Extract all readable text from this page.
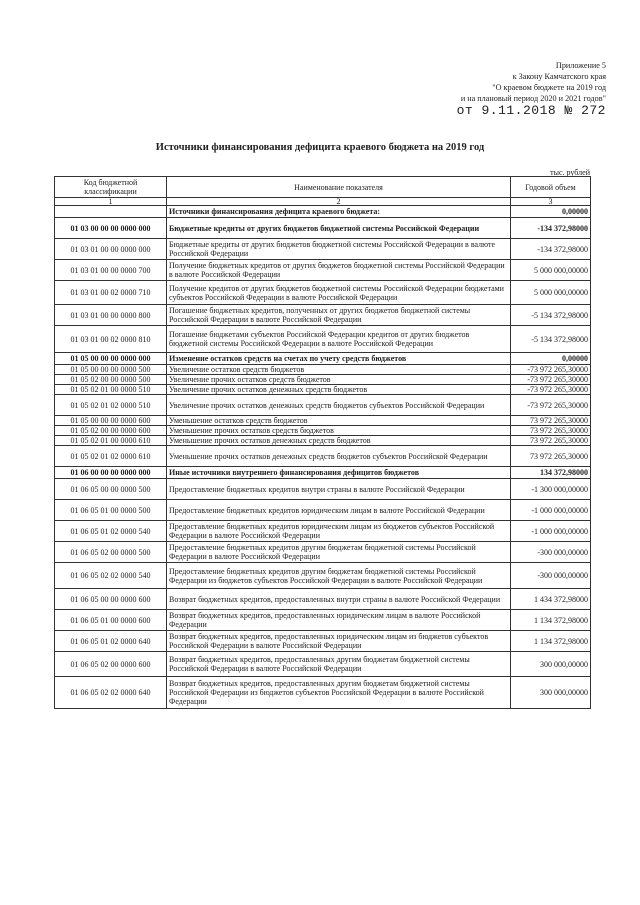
Приложение 5
к Закону Камчатского края
"О краевом бюджете на 2019 год
и на плановый период 2020 и 2021 годов"
от 9.11.2018 № 272
Источники финансирования дефицита краевого бюджета на 2019 год
тыс. рублей
Код бюджетной классификации	Наименование показателя	Годовой объем
1	2	3
	Источники финансирования дефицита краевого бюджета:	0,00000
01 03 00 00 00 0000 000	Бюджетные кредиты от других бюджетов бюджетной системы Российской Федерации	-134 372,98000
01 03 01 00 00 0000 000	Бюджетные кредиты от других бюджетов бюджетной системы Российской Федерации в валюте Российской Федерации	-134 372,98000
01 03 01 00 00 0000 700	Получение бюджетных кредитов от других бюджетов бюджетной системы Российской Федерации в валюте Российской Федерации	5 000 000,00000
01 03 01 00 02 0000 710	Получение кредитов от других бюджетов бюджетной системы Российской Федерации бюджетами субъектов Российской Федерации в валюте Российской Федерации	5 000 000,00000
01 03 01 00 00 0000 800	Погашение бюджетных кредитов, полученных от других бюджетов бюджетной системы Российской Федерации в валюте Российской Федерации	-5 134 372,98000
01 03 01 00 02 0000 810	Погашение бюджетами субъектов Российской Федерации кредитов от других бюджетов бюджетной системы Российской Федерации в валюте Российской Федерации	-5 134 372,98000
01 05 00 00 00 0000 000	Изменение остатков средств на счетах по учету средств бюджетов	0,00000
01 05 00 00 00 0000 500	Увеличение остатков средств бюджетов	-73 972 265,30000
01 05 02 00 00 0000 500	Увеличение прочих остатков средств бюджетов	-73 972 265,30000
01 05 02 01 00 0000 510	Увеличение прочих остатков денежных средств бюджетов	-73 972 265,30000
01 05 02 01 02 0000 510	Увеличение прочих остатков денежных средств бюджетов субъектов Российской Федерации	-73 972 265,30000
01 05 00 00 00 0000 600	Уменьшение остатков средств бюджетов	73 972 265,30000
01 05 02 00 00 0000 600	Уменьшение прочих остатков средств бюджетов	73 972 265,30000
01 05 02 01 00 0000 610	Уменьшение прочих остатков денежных средств бюджетов	73 972 265,30000
01 05 02 01 02 0000 610	Уменьшение прочих остатков денежных средств бюджетов субъектов Российской Федерации	73 972 265,30000
01 06 00 00 00 0000 000	Иные источники внутреннего финансирования дефицитов бюджетов	134 372,98000
01 06 05 00 00 0000 500	Предоставление бюджетных кредитов внутри страны в валюте Российской Федерации	-1 300 000,00000
01 06 05 01 00 0000 500	Предоставление бюджетных кредитов юридическим лицам в валюте Российской Федерации	-1 000 000,00000
01 06 05 01 02 0000 540	Предоставление бюджетных кредитов юридическим лицам из бюджетов субъектов Российской Федерации в валюте Российской Федерации	-1 000 000,00000
01 06 05 02 00 0000 500	Предоставление бюджетных кредитов другим бюджетам бюджетной системы Российской Федерации в валюте Российской Федерации	-300 000,00000
01 06 05 02 02 0000 540	Предоставление бюджетных кредитов другим бюджетам бюджетной системы Российской Федерации из бюджетов субъектов Российской Федерации в валюте Российской Федерации	-300 000,00000
01 06 05 00 00 0000 600	Возврат бюджетных кредитов, предоставленных внутри страны в валюте Российской Федерации	1 434 372,98000
01 06 05 01 00 0000 600	Возврат бюджетных кредитов, предоставленных юридическим лицам в валюте Российской Федерации	1 134 372,98000
01 06 05 01 02 0000 640	Возврат бюджетных кредитов, предоставленных юридическим лицам из бюджетов субъектов Российской Федерации в валюте Российской Федерации	1 134 372,98000
01 06 05 02 00 0000 600	Возврат бюджетных кредитов, предоставленных другим бюджетам бюджетной системы Российской Федерации в валюте Российской Федерации	300 000,00000
01 06 05 02 02 0000 640	Возврат бюджетных кредитов, предоставленных другим бюджетам бюджетной системы Российской Федерации из бюджетов субъектов Российской Федерации в валюте Российской Федерации	300 000,00000
